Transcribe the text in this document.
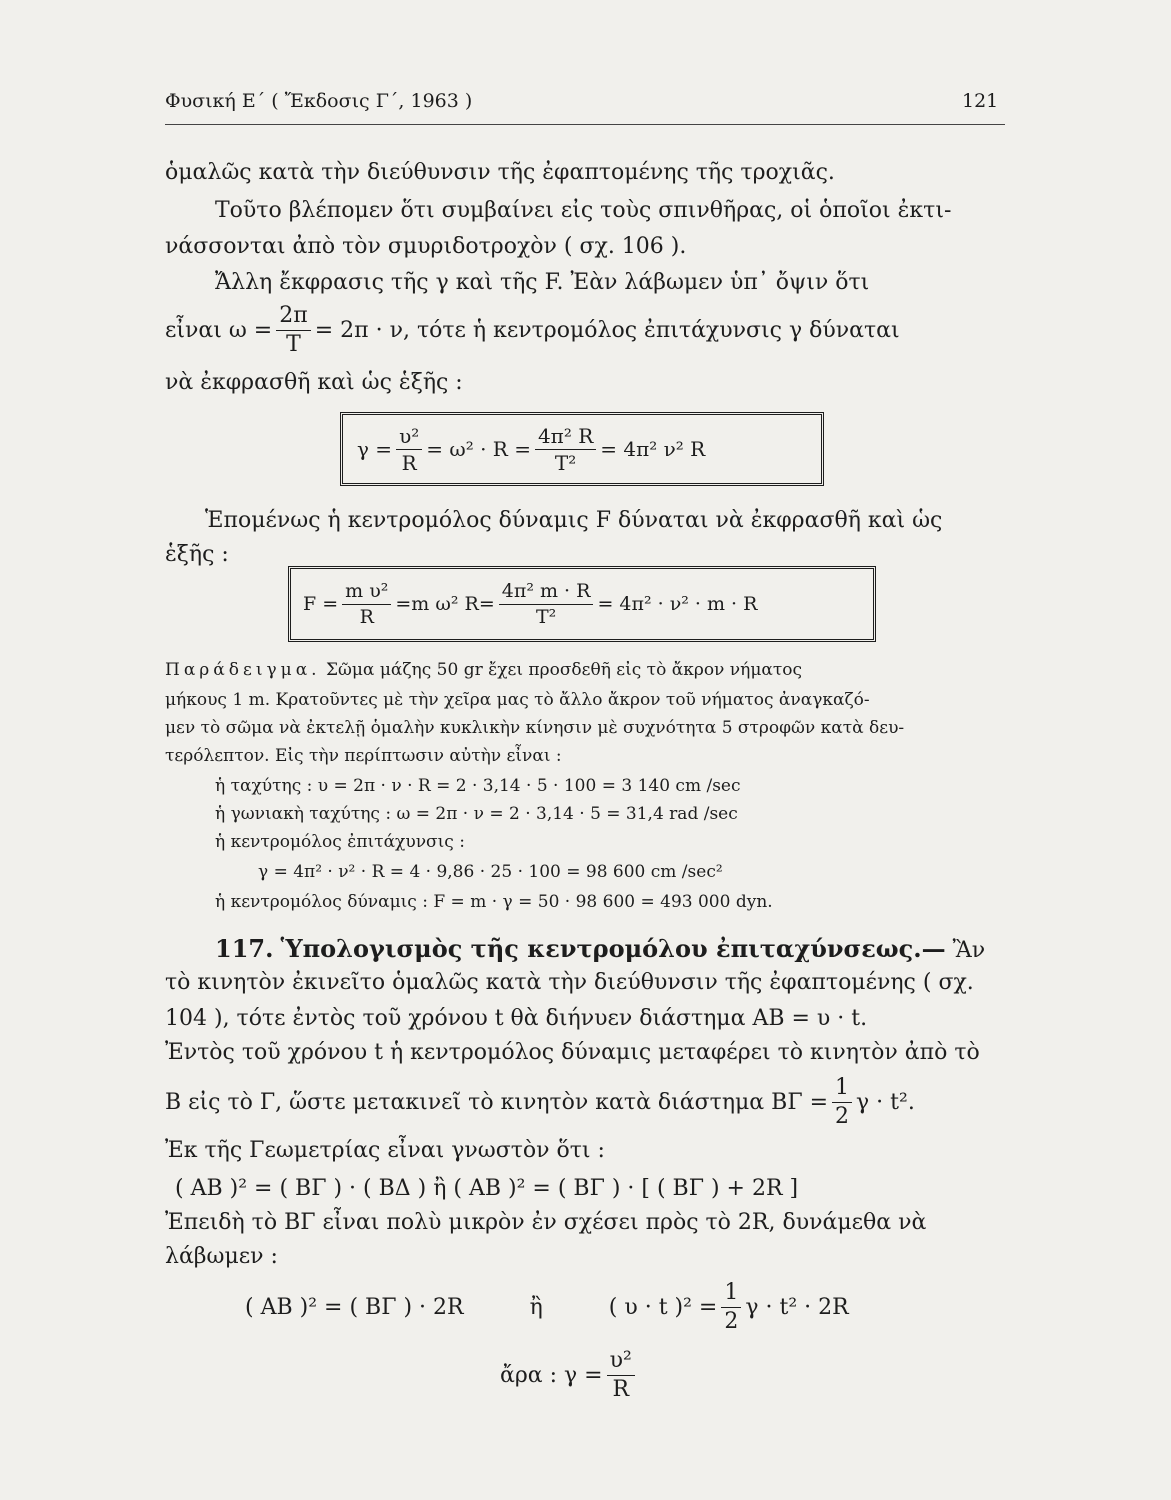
Φυσική Ε΄ ( Ἔκδοσις Γ΄, 1963 )	121
ὁμαλῶς κατὰ τὴν διεύθυνσιν τῆς ἐφαπτομένης τῆς τροχιᾶς.
Τοῦτο βλέπομεν ὅτι συμβαίνει εἰς τοὺς σπινθῆρας, οἱ ὁποῖοι ἐκτι-
νάσσονται ἀπὸ τὸν σμυριδοτροχὸν ( σχ. 106 ).
Ἄλλη ἔκφρασις τῆς γ καὶ τῆς F. Ἐὰν λάβωμεν ὑπ᾽ ὄψιν ὅτι
εἶναι $\omega = \frac{2\pi}{T} = 2\pi \cdot \nu$, τότε ἡ κεντρομόλος ἐπιτάχυνσις γ δύναται
νὰ ἐκφρασθῆ καὶ ὡς ἑξῆς :
$\gamma = \frac{\text{υ²}}{R} = \omega^2 \cdot R = \frac{\text{4π² R}}{\text{T²}} = 4\pi^2$ ν² R
Ἑπομένως ἡ κεντρομόλος δύναμις F δύναται νὰ ἐκφρασθῆ καὶ ὡς
ἑξῆς :
$F = \frac{\text{m υ²}}{R} =m$ ω² $R= \frac{\text{4π² m · R}}{\text{T²}} = 4\pi^2 \cdot \nu^2 \cdot m \cdot R$
Παράδειγμα. Σῶμα μάζης 50 gr ἔχει προσδεθῆ εἰς τὸ ἄκρον νήματος
μήκους 1 m. Κρατοῦντες μὲ τὴν χεῖρα μας τὸ ἄλλο ἄκρον τοῦ νήματος ἀναγκαζό-
μεν τὸ σῶμα νὰ ἐκτελῇ ὁμαλὴν κυκλικὴν κίνησιν μὲ συχνότητα 5 στροφῶν κατὰ δευ-
τερόλεπτον. Εἰς τὴν περίπτωσιν αὐτὴν εἶναι :
ἡ ταχύτης : υ = 2π · ν · R = 2 · 3,14 · 5 · 100 = 3 140 cm /sec
ἡ γωνιακὴ ταχύτης : ω = 2π · ν = 2 · 3,14 · 5 = 31,4 rad /sec
ἡ κεντρομόλος ἐπιτάχυνσις :
γ = 4π² · ν² · R = 4 · 9,86 · 25 · 100 = 98 600 cm /sec²
ἡ κεντρομόλος δύναμις : F = m · γ = 50 · 98 600 = 493 000 dyn.
117. Ὑπολογισμὸς τῆς κεντρομόλου ἐπιταχύνσεως.— Ἂν
τὸ κινητὸν ἐκινεῖτο ὁμαλῶς κατὰ τὴν διεύθυνσιν τῆς ἐφαπτομένης ( σχ.
104 ), τότε ἐντὸς τοῦ χρόνου t θὰ διήνυεν διάστημα AB = υ · t.
Ἐντὸς τοῦ χρόνου t ἡ κεντρομόλος δύναμις μεταφέρει τὸ κινητὸν ἀπὸ τὸ
B εἰς τὸ Γ, ὥστε μετακινεῖ τὸ κινητὸν κατὰ διάστημα $B\Gamma = \frac{1}{2}$ γ · t².
Ἐκ τῆς Γεωμετρίας εἶναι γνωστὸν ὅτι :
( AB )² = ( BΓ ) · ( BΔ ) ἢ ( AB )² = ( BΓ ) · [ ( BΓ ) + 2R ]
Ἐπειδὴ τὸ BΓ εἶναι πολὺ μικρὸν ἐν σχέσει πρὸς τὸ 2R, δυνάμεθα νὰ
λάβωμεν :
( AB )² = ( BΓ ) · 2R	ἢ	( υ · t )$^2 = \frac{1}{2}$ γ · t² · 2R
ἄρα : $\gamma = \frac{\text{υ²}}{R}$
